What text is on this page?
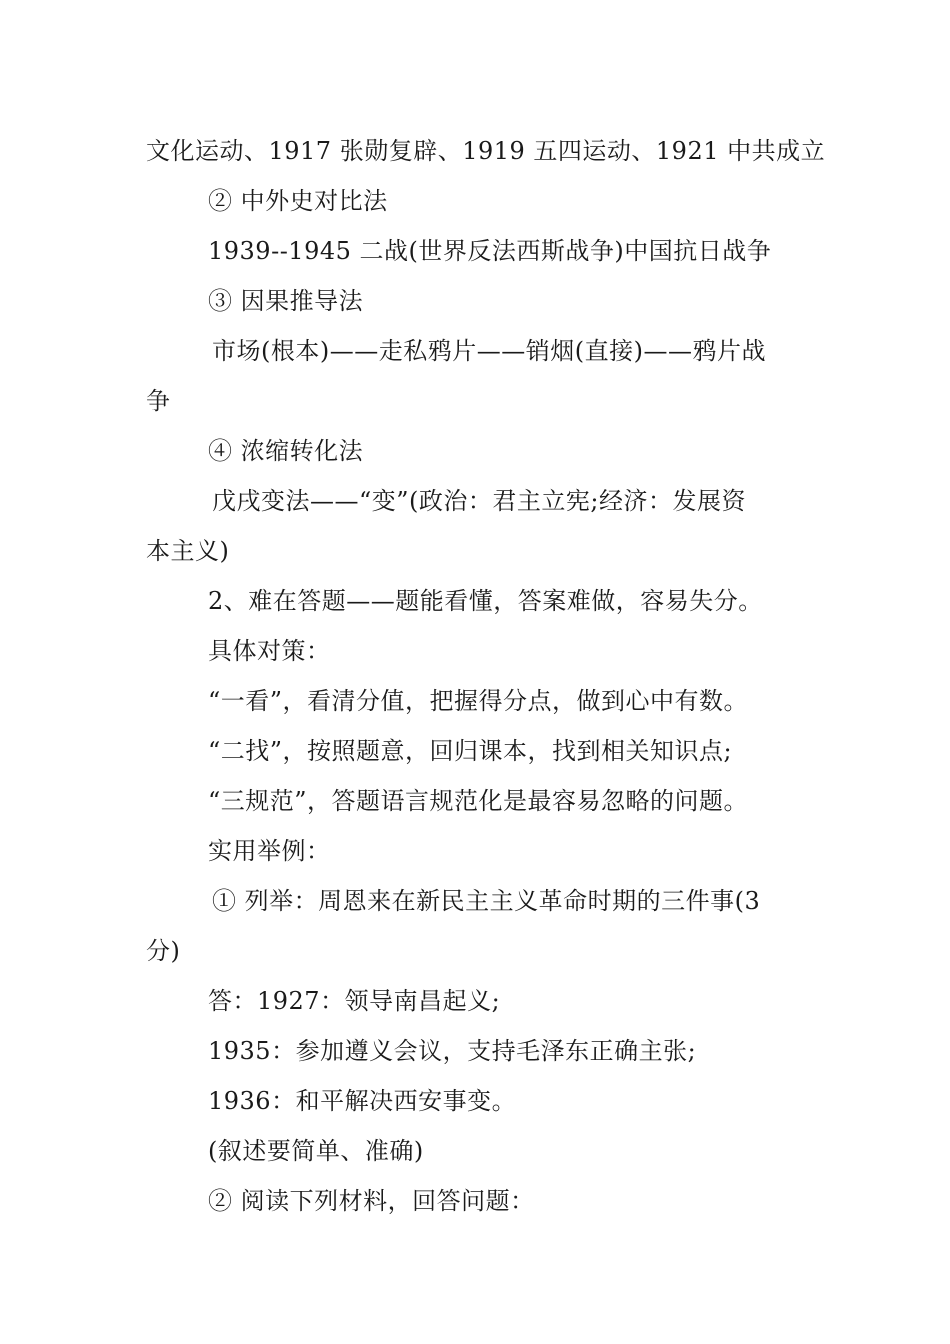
文化运动、1917 张勋复辟、1919 五四运动、1921 中共成立
② 中外史对比法
1939--1945 二战(世界反法西斯战争)中国抗日战争
③ 因果推导法
市场(根本)——走私鸦片——销烟(直接)——鸦片战
争
④ 浓缩转化法
戊戌变法——“变”(政治：君主立宪;经济：发展资
本主义)
2、难在答题——题能看懂，答案难做，容易失分。
具体对策：
“一看”，看清分值，把握得分点，做到心中有数。
“二找”，按照题意，回归课本，找到相关知识点;
“三规范”，答题语言规范化是最容易忽略的问题。
实用举例：
① 列举：周恩来在新民主主义革命时期的三件事(3
分)
答：1927：领导南昌起义;
1935：参加遵义会议，支持毛泽东正确主张;
1936：和平解决西安事变。
(叙述要简单、准确)
② 阅读下列材料，回答问题：
